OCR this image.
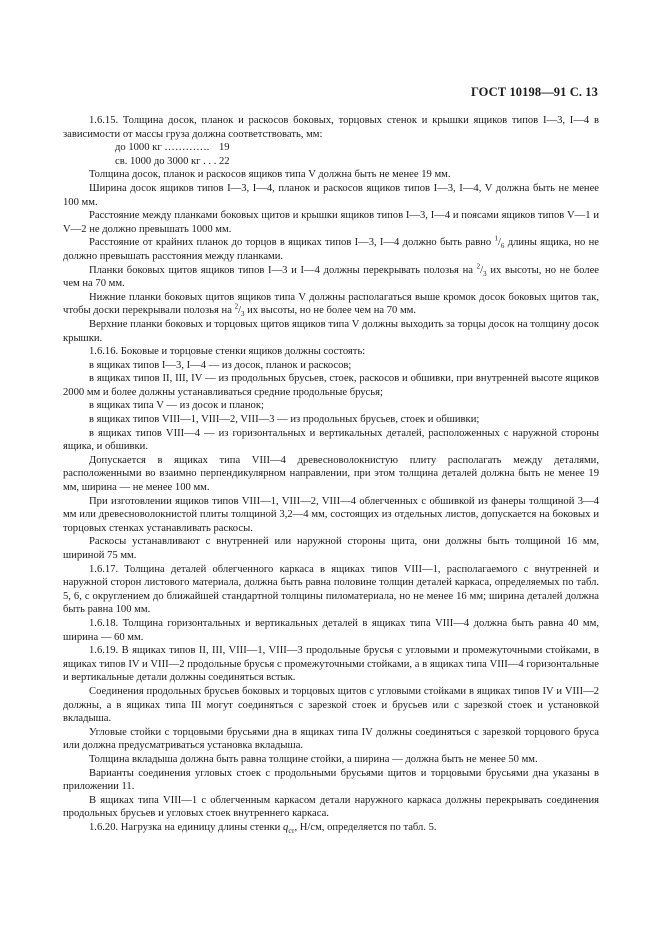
ГОСТ 10198—91 С. 13

1.6.15. Толщина досок, планок и раскосов боковых, торцовых стенок и крышки ящиков типов I—3, I—4 в зависимости от массы груза должна соответствовать, мм:

до 1000 кг …………. 19

св. 1000 до 3000 кг . . . 22

Толщина досок, планок и раскосов ящиков типа V должна быть не менее 19 мм.

Ширина досок ящиков типов I—3, I—4, планок и раскосов ящиков типов I—3, I—4, V должна быть не менее 100 мм.

Расстояние между планками боковых щитов и крышки ящиков типов I—3, I—4 и поясами ящиков типов V—1 и V—2 не должно превышать 1000 мм.

Расстояние от крайних планок до торцов в ящиках типов I—3, I—4 должно быть равно $^1/_6$ длины ящика, но не должно превышать расстояния между планками.

Планки боковых щитов ящиков типов I—3 и I—4 должны перекрывать полозья на $^2/_3$ их высоты, но не более чем на 70 мм.

Нижние планки боковых щитов ящиков типа V должны располагаться выше кромок досок боковых щитов так, чтобы доски перекрывали полозья на $^2/_3$ их высоты, но не более чем на 70 мм.

Верхние планки боковых и торцовых щитов ящиков типа V должны выходить за торцы досок на толщину досок крышки.

1.6.16. Боковые и торцовые стенки ящиков должны состоять:

в ящиках типов I—3, I—4 — из досок, планок и раскосов;

в ящиках типов II, III, IV — из продольных брусьев, стоек, раскосов и обшивки, при внутренней высоте ящиков 2000 мм и более должны устанавливаться средние продольные брусья;

в ящиках типа V — из досок и планок;

в ящиках типов VIII—1, VIII—2, VIII—3 — из продольных брусьев, стоек и обшивки;

в ящиках типов VIII—4 — из горизонтальных и вертикальных деталей, расположенных с наружной стороны ящика, и обшивки.

Допускается в ящиках типа VIII—4 древесноволокнистую плиту располагать между деталями, расположенными во взаимно перпендикулярном направлении, при этом толщина деталей должна быть не менее 19 мм, ширина — не менее 100 мм.

При изготовлении ящиков типов VIII—1, VIII—2, VIII—4 облегченных с обшивкой из фанеры толщиной 3—4 мм или древесноволокнистой плиты толщиной 3,2—4 мм, состоящих из отдельных листов, допускается на боковых и торцовых стенках устанавливать раскосы.

Раскосы устанавливают с внутренней или наружной стороны щита, они должны быть толщиной 16 мм, шириной 75 мм.

1.6.17. Толщина деталей облегченного каркаса в ящиках типов VIII—1, располагаемого с внутренней и наружной сторон листового материала, должна быть равна половине толщин деталей каркаса, определяемых по табл. 5, 6, с округлением до ближайшей стандартной толщины пиломатериала, но не менее 16 мм; ширина деталей должна быть равна 100 мм.

1.6.18. Толщина горизонтальных и вертикальных деталей в ящиках типа VIII—4 должна быть равна 40 мм, ширина — 60 мм.

1.6.19. В ящиках типов II, III, VIII—1, VIII—3 продольные брусья с угловыми и промежуточными стойками, в ящиках типов IV и VIII—2 продольные брусья с промежуточными стойками, а в ящиках типа VIII—4 горизонтальные и вертикальные детали должны соединяться встык.

Соединения продольных брусьев боковых и торцовых щитов с угловыми стойками в ящиках типов IV и VIII—2 должны, а в ящиках типа III могут соединяться с зарезкой стоек и брусьев или с зарезкой стоек и установкой вкладыша.

Угловые стойки с торцовыми брусьями дна в ящиках типа IV должны соединяться с зарезкой торцового бруса или должна предусматриваться установка вкладыша.

Толщина вкладыша должна быть равна толщине стойки, а ширина — должна быть не менее 50 мм.

Варианты соединения угловых стоек с продольными брусьями щитов и торцовыми брусьями дна указаны в приложении 11.

В ящиках типа VIII—1 с облегченным каркасом детали наружного каркаса должны перекрывать соединения продольных брусьев и угловых стоек внутреннего каркаса.

1.6.20. Нагрузка на единицу длины стенки $q_{ст}$, Н/см, определяется по табл. 5.
